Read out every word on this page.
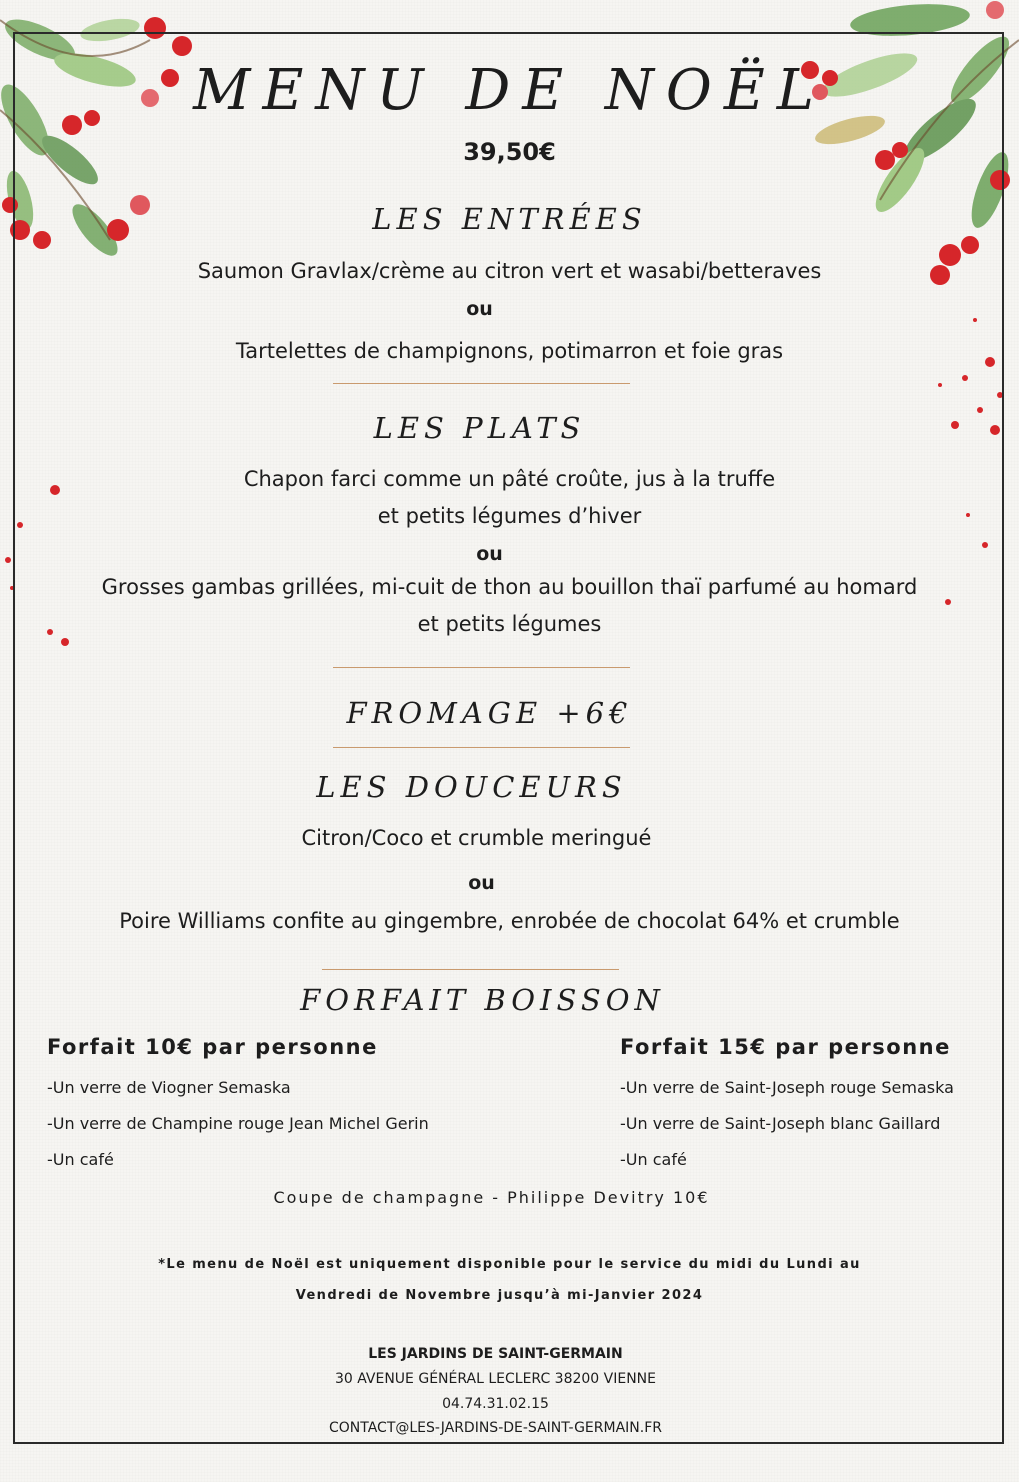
MENU DE NOËL
39,50€
LES ENTRÉES
Saumon Gravlax/crème au citron vert et wasabi/betteraves
ou
Tartelettes de champignons, potimarron et foie gras
LES PLATS
Chapon farci comme un pâté croûte, jus à la truffe
et petits légumes d’hiver
ou
Grosses gambas grillées, mi-cuit de thon au bouillon thaï parfumé au homard
et petits légumes
FROMAGE +6€
LES DOUCEURS
Citron/Coco et crumble meringué
ou
Poire Williams confite au gingembre, enrobée de chocolat 64% et crumble
FORFAIT BOISSON
Forfait 10€ par personne
-Un verre de Viogner Semaska
-Un verre de Champine rouge Jean Michel Gerin
-Un café
Forfait 15€ par personne
-Un verre de Saint-Joseph rouge Semaska
-Un verre de Saint-Joseph blanc Gaillard
-Un café
Coupe de champagne - Philippe Devitry 10€
*Le menu de Noël est uniquement disponible pour le service du midi du Lundi au
Vendredi de Novembre jusqu’à mi-Janvier 2024
LES JARDINS DE SAINT-GERMAIN
30 AVENUE GÉNÉRAL LECLERC 38200 VIENNE
04.74.31.02.15
CONTACT@LES-JARDINS-DE-SAINT-GERMAIN.FR
